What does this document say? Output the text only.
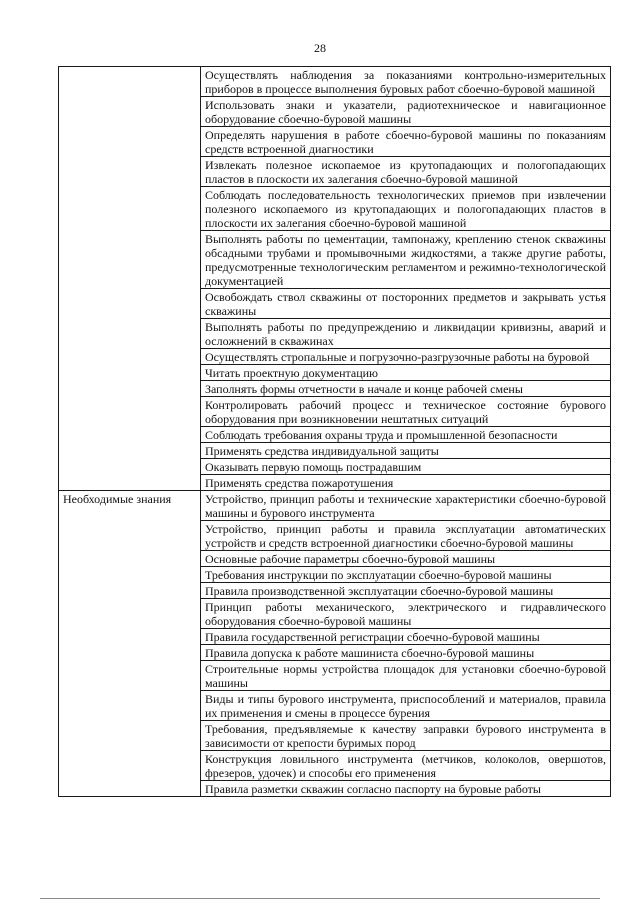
28
	Осуществлять наблюдения за показаниями контрольно-измерительных приборов в процессе выполнения буровых работ сбоечно-буровой машиной
	Использовать знаки и указатели, радиотехническое и навигационное оборудование сбоечно-буровой машины
	Определять нарушения в работе сбоечно-буровой машины по показаниям средств встроенной диагностики
	Извлекать полезное ископаемое из крутопадающих и пологопадающих пластов в плоскости их залегания сбоечно-буровой машиной
	Соблюдать последовательность технологических приемов при извлечении полезного ископаемого из крутопадающих и пологопадающих пластов в плоскости их залегания сбоечно-буровой машиной
	Выполнять работы по цементации, тампонажу, креплению стенок скважины обсадными трубами и промывочными жидкостями, а также другие работы, предусмотренные технологическим регламентом и режимно-технологической документацией
	Освобождать ствол скважины от посторонних предметов и закрывать устья скважины
	Выполнять работы по предупреждению и ликвидации кривизны, аварий и осложнений в скважинах
	Осуществлять стропальные и погрузочно-разгрузочные работы на буровой
	Читать проектную документацию
	Заполнять формы отчетности в начале и конце рабочей смены
	Контролировать рабочий процесс и техническое состояние бурового оборудования при возникновении нештатных ситуаций
	Соблюдать требования охраны труда и промышленной безопасности
	Применять средства индивидуальной защиты
	Оказывать первую помощь пострадавшим
	Применять средства пожаротушения
Необходимые знания	Устройство, принцип работы и технические характеристики сбоечно-буровой машины и бурового инструмента
	Устройство, принцип работы и правила эксплуатации автоматических устройств и средств встроенной диагностики сбоечно-буровой машины
	Основные рабочие параметры сбоечно-буровой машины
	Требования инструкции по эксплуатации сбоечно-буровой машины
	Правила производственной эксплуатации сбоечно-буровой машины
	Принцип работы механического, электрического и гидравлического оборудования сбоечно-буровой машины
	Правила государственной регистрации сбоечно-буровой машины
	Правила допуска к работе машиниста сбоечно-буровой машины
	Строительные нормы устройства площадок для установки сбоечно-буровой машины
	Виды и типы бурового инструмента, приспособлений и материалов, правила их применения и смены в процессе бурения
	Требования, предъявляемые к качеству заправки бурового инструмента в зависимости от крепости буримых пород
	Конструкция ловильного инструмента (метчиков, колоколов, овершотов, фрезеров, удочек) и способы его применения
	Правила разметки скважин согласно паспорту на буровые работы
